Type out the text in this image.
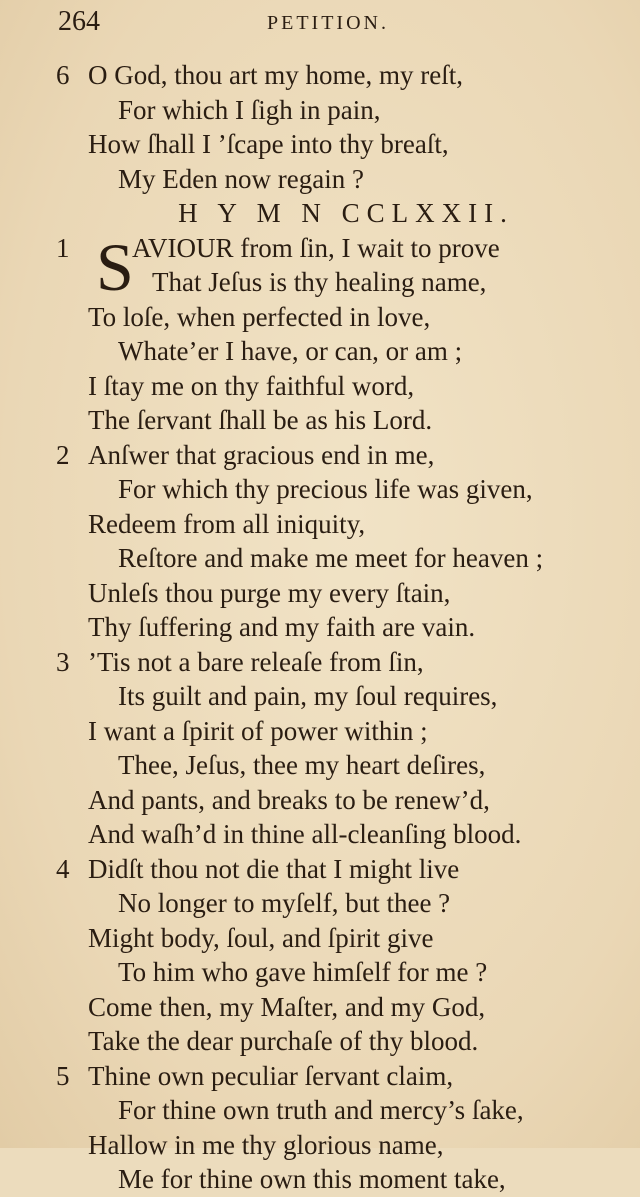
264	PETITION.
6 O God, thou art my home, my reſt,
For which I ſigh in pain,
How ſhall I ’ſcape into thy breaſt,
My Eden now regain ?
H Y M N CCLXXII.
1 S
AVIOUR from ſin, I wait to prove
That Jeſus is thy healing name,
To loſe, when perfected in love,
Whate’er I have, or can, or am ;
I ſtay me on thy faithful word,
The ſervant ſhall be as his Lord.
2 Anſwer that gracious end in me,
For which thy precious life was given,
Redeem from all iniquity,
Reſtore and make me meet for heaven ;
Unleſs thou purge my every ſtain,
Thy ſuffering and my faith are vain.
3 ’Tis not a bare releaſe from ſin,
Its guilt and pain, my ſoul requires,
I want a ſpirit of power within ;
Thee, Jeſus, thee my heart deſires,
And pants, and breaks to be renew’d,
And waſh’d in thine all-cleanſing blood.
4 Didſt thou not die that I might live
No longer to myſelf, but thee ?
Might body, ſoul, and ſpirit give
To him who gave himſelf for me ?
Come then, my Maſter, and my God,
Take the dear purchaſe of thy blood.
5 Thine own peculiar ſervant claim,
For thine own truth and mercy’s ſake,
Hallow in me thy glorious name,
Me for thine own this moment take,
